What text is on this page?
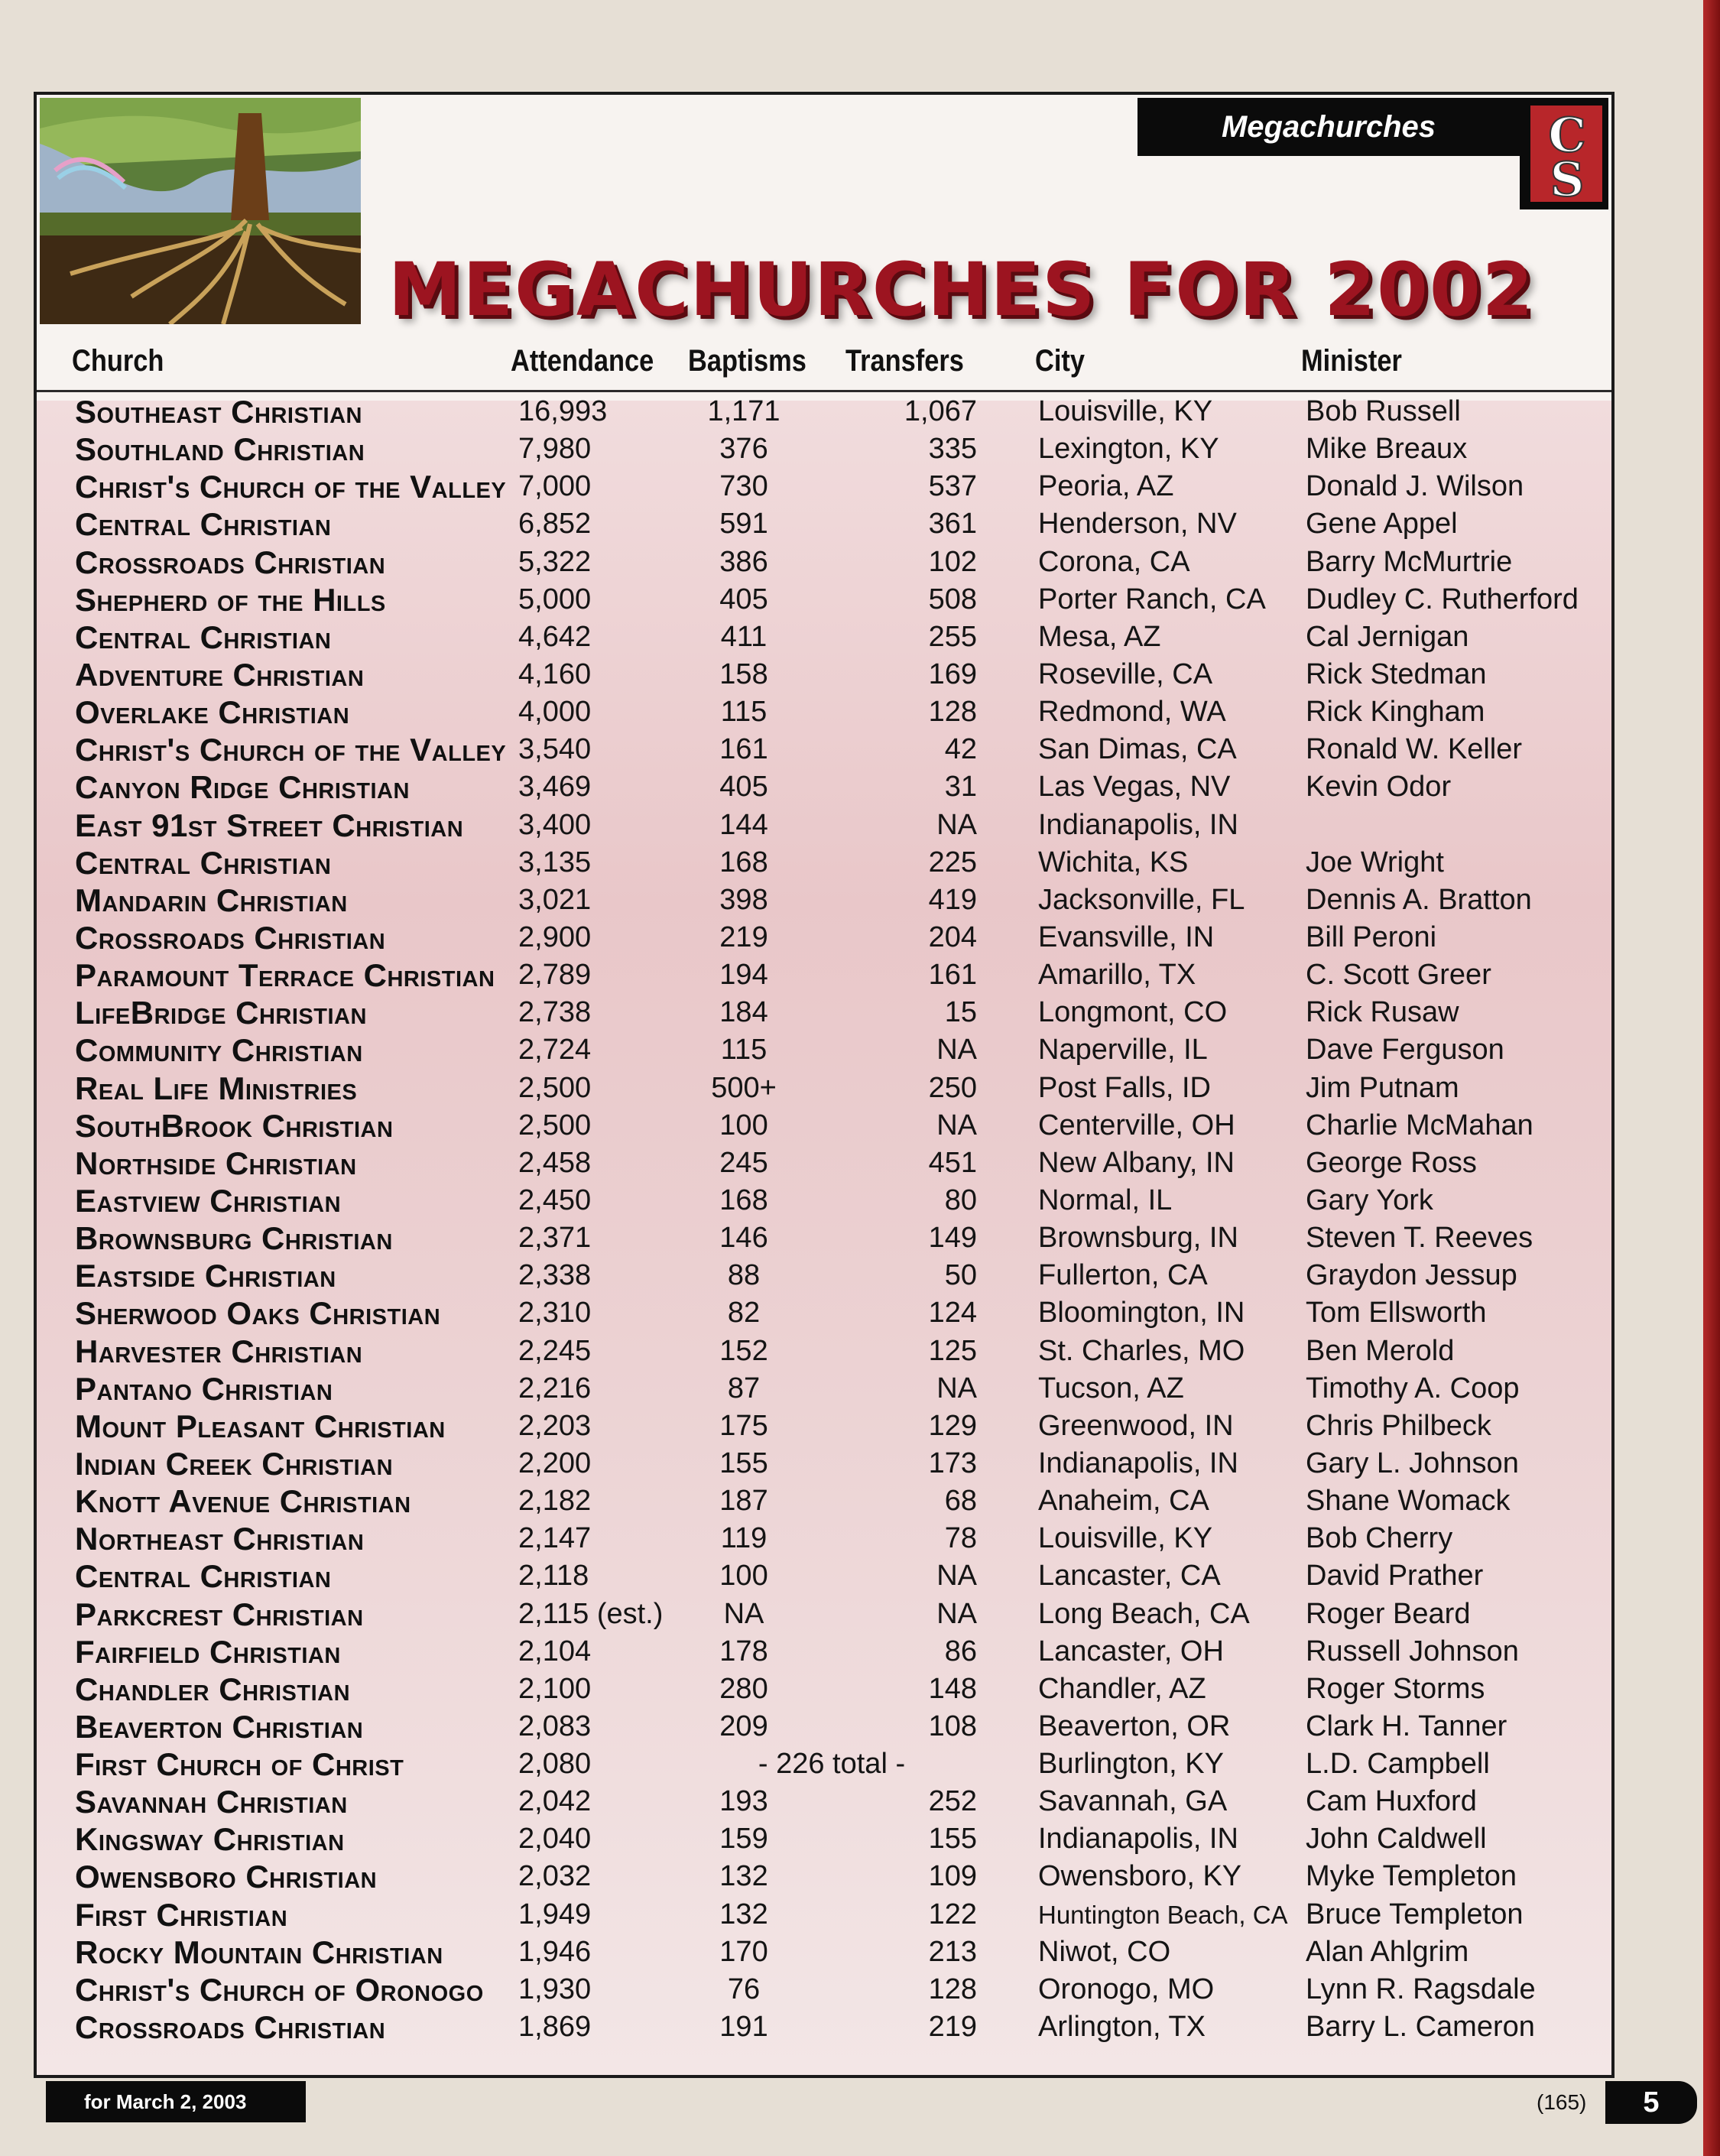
Megachurches	C
S
MEGACHURCHES FOR 2002
Church	Attendance Baptisms Transfers City	Minister
Southeast Christian	16,993	1,171	1,067 Louisville, KY	Bob Russell
Southland Christian	7,980	376	335 Lexington, KY	Mike Breaux
Christ's Church of the Valley 7,000	730	537 Peoria, AZ	Donald J. Wilson
Central Christian	6,852	591	361 Henderson, NV Gene Appel
Crossroads Christian	5,322	386	102 Corona, CA	Barry McMurtrie
Shepherd of the Hills	5,000	405	508 Porter Ranch, CA Dudley C. Rutherford
Central Christian	4,642	411	255 Mesa, AZ	Cal Jernigan
Adventure Christian	4,160	158	169 Roseville, CA	Rick Stedman
Overlake Christian	4,000	115	128 Redmond, WA	Rick Kingham
Christ's Church of the Valley 3,540	161	42 San Dimas, CA Ronald W. Keller
Canyon Ridge Christian	3,469	405	31 Las Vegas, NV	Kevin Odor
East 91st Street Christian 3,400	144	NA Indianapolis, IN
Central Christian	3,135	168	225 Wichita, KS	Joe Wright
Mandarin Christian	3,021	398	419 Jacksonville, FL Dennis A. Bratton
Crossroads Christian	2,900	219	204 Evansville, IN	Bill Peroni
Paramount Terrace Christian 2,789	194	161 Amarillo, TX	C. Scott Greer
LifeBridge Christian	2,738	184	15 Longmont, CO	Rick Rusaw
Community Christian	2,724	115	NA Naperville, IL	Dave Ferguson
Real Life Ministries	2,500	500+	250 Post Falls, ID	Jim Putnam
SouthBrook Christian	2,500	100	NA Centerville, OH Charlie McMahan
Northside Christian	2,458	245	451 New Albany, IN George Ross
Eastview Christian	2,450	168	80 Normal, IL	Gary York
Brownsburg Christian	2,371	146	149 Brownsburg, IN Steven T. Reeves
Eastside Christian	2,338	88	50 Fullerton, CA	Graydon Jessup
Sherwood Oaks Christian	2,310	82	124 Bloomington, IN Tom Ellsworth
Harvester Christian	2,245	152	125 St. Charles, MO Ben Merold
Pantano Christian	2,216	87	NA Tucson, AZ	Timothy A. Coop
Mount Pleasant Christian	2,203	175	129 Greenwood, IN Chris Philbeck
Indian Creek Christian	2,200	155	173 Indianapolis, IN Gary L. Johnson
Knott Avenue Christian	2,182	187	68 Anaheim, CA	Shane Womack
Northeast Christian	2,147	119	78 Louisville, KY	Bob Cherry
Central Christian	2,118	100	NA Lancaster, CA	David Prather
Parkcrest Christian	2,115 (est.)	NA	NA Long Beach, CA Roger Beard
Fairfield Christian	2,104	178	86 Lancaster, OH	Russell Johnson
Chandler Christian	2,100	280	148 Chandler, AZ	Roger Storms
Beaverton Christian	2,083	209	108 Beaverton, OR	Clark H. Tanner
First Church of Christ	2,080	- 226 total -	Burlington, KY	L.D. Campbell
Savannah Christian	2,042	193	252 Savannah, GA	Cam Huxford
Kingsway Christian	2,040	159	155 Indianapolis, IN John Caldwell
Owensboro Christian	2,032	132	109 Owensboro, KY Myke Templeton
First Christian	1,949	132	122 Huntington Beach, CA Bruce Templeton
Rocky Mountain Christian	1,946	170	213 Niwot, CO	Alan Ahlgrim
Christ's Church of Oronogo 1,930	76	128 Oronogo, MO	Lynn R. Ragsdale
Crossroads Christian	1,869	191	219 Arlington, TX	Barry L. Cameron
for March 2, 2003	(165)	5
